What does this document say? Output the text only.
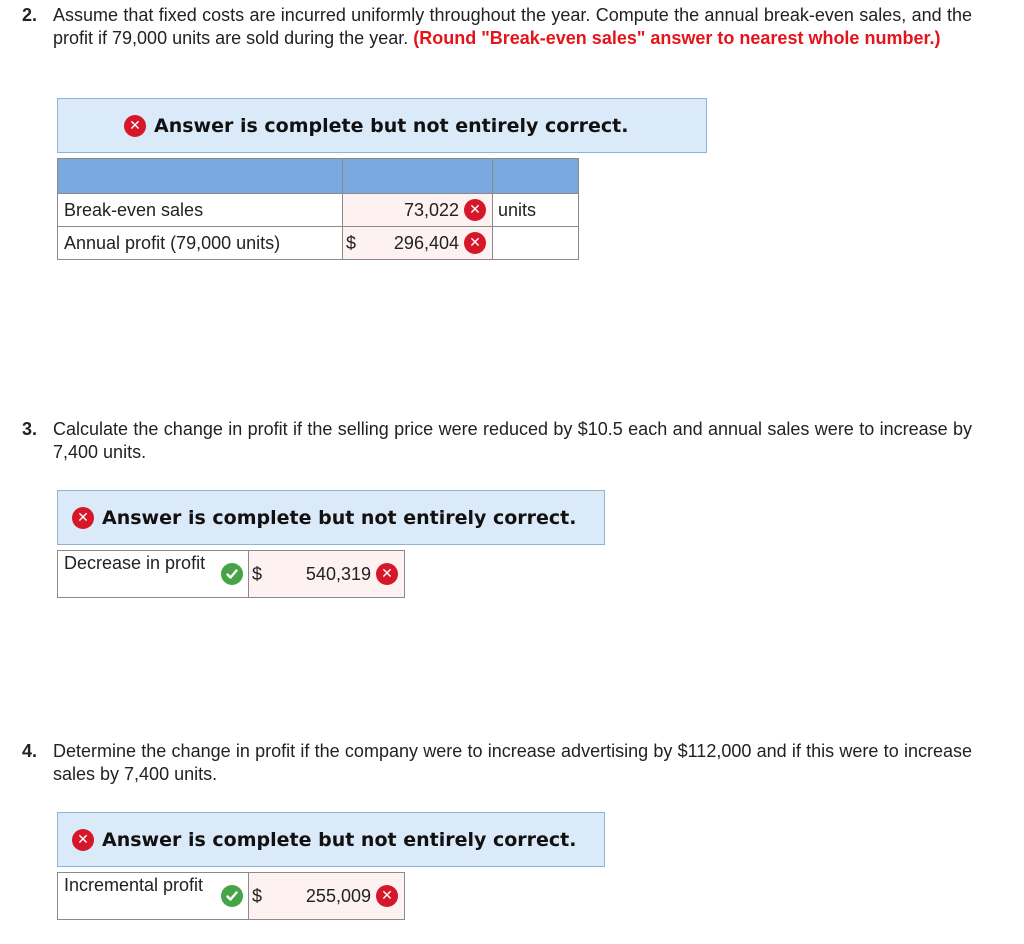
2. Assume that fixed costs are incurred uniformly throughout the year. Compute the annual break-even sales, and the profit if 79,000 units are sold during the year. (Round "Break-even sales" answer to nearest whole number.)
✕ Answer is complete but not entirely correct.

Break-even sales	73,022 ✕	units
Annual profit (79,000 units)	$ 296,404 ✕	

3. Calculate the change in profit if the selling price were reduced by $10.5 each and annual sales were to increase by 7,400 units.
✕ Answer is complete but not entirely correct.
Decrease in profit
$ 540,319 ✕
4. Determine the change in profit if the company were to increase advertising by $112,000 and if this were to increase sales by 7,400 units.
✕ Answer is complete but not entirely correct.
Incremental profit
$ 255,009 ✕
